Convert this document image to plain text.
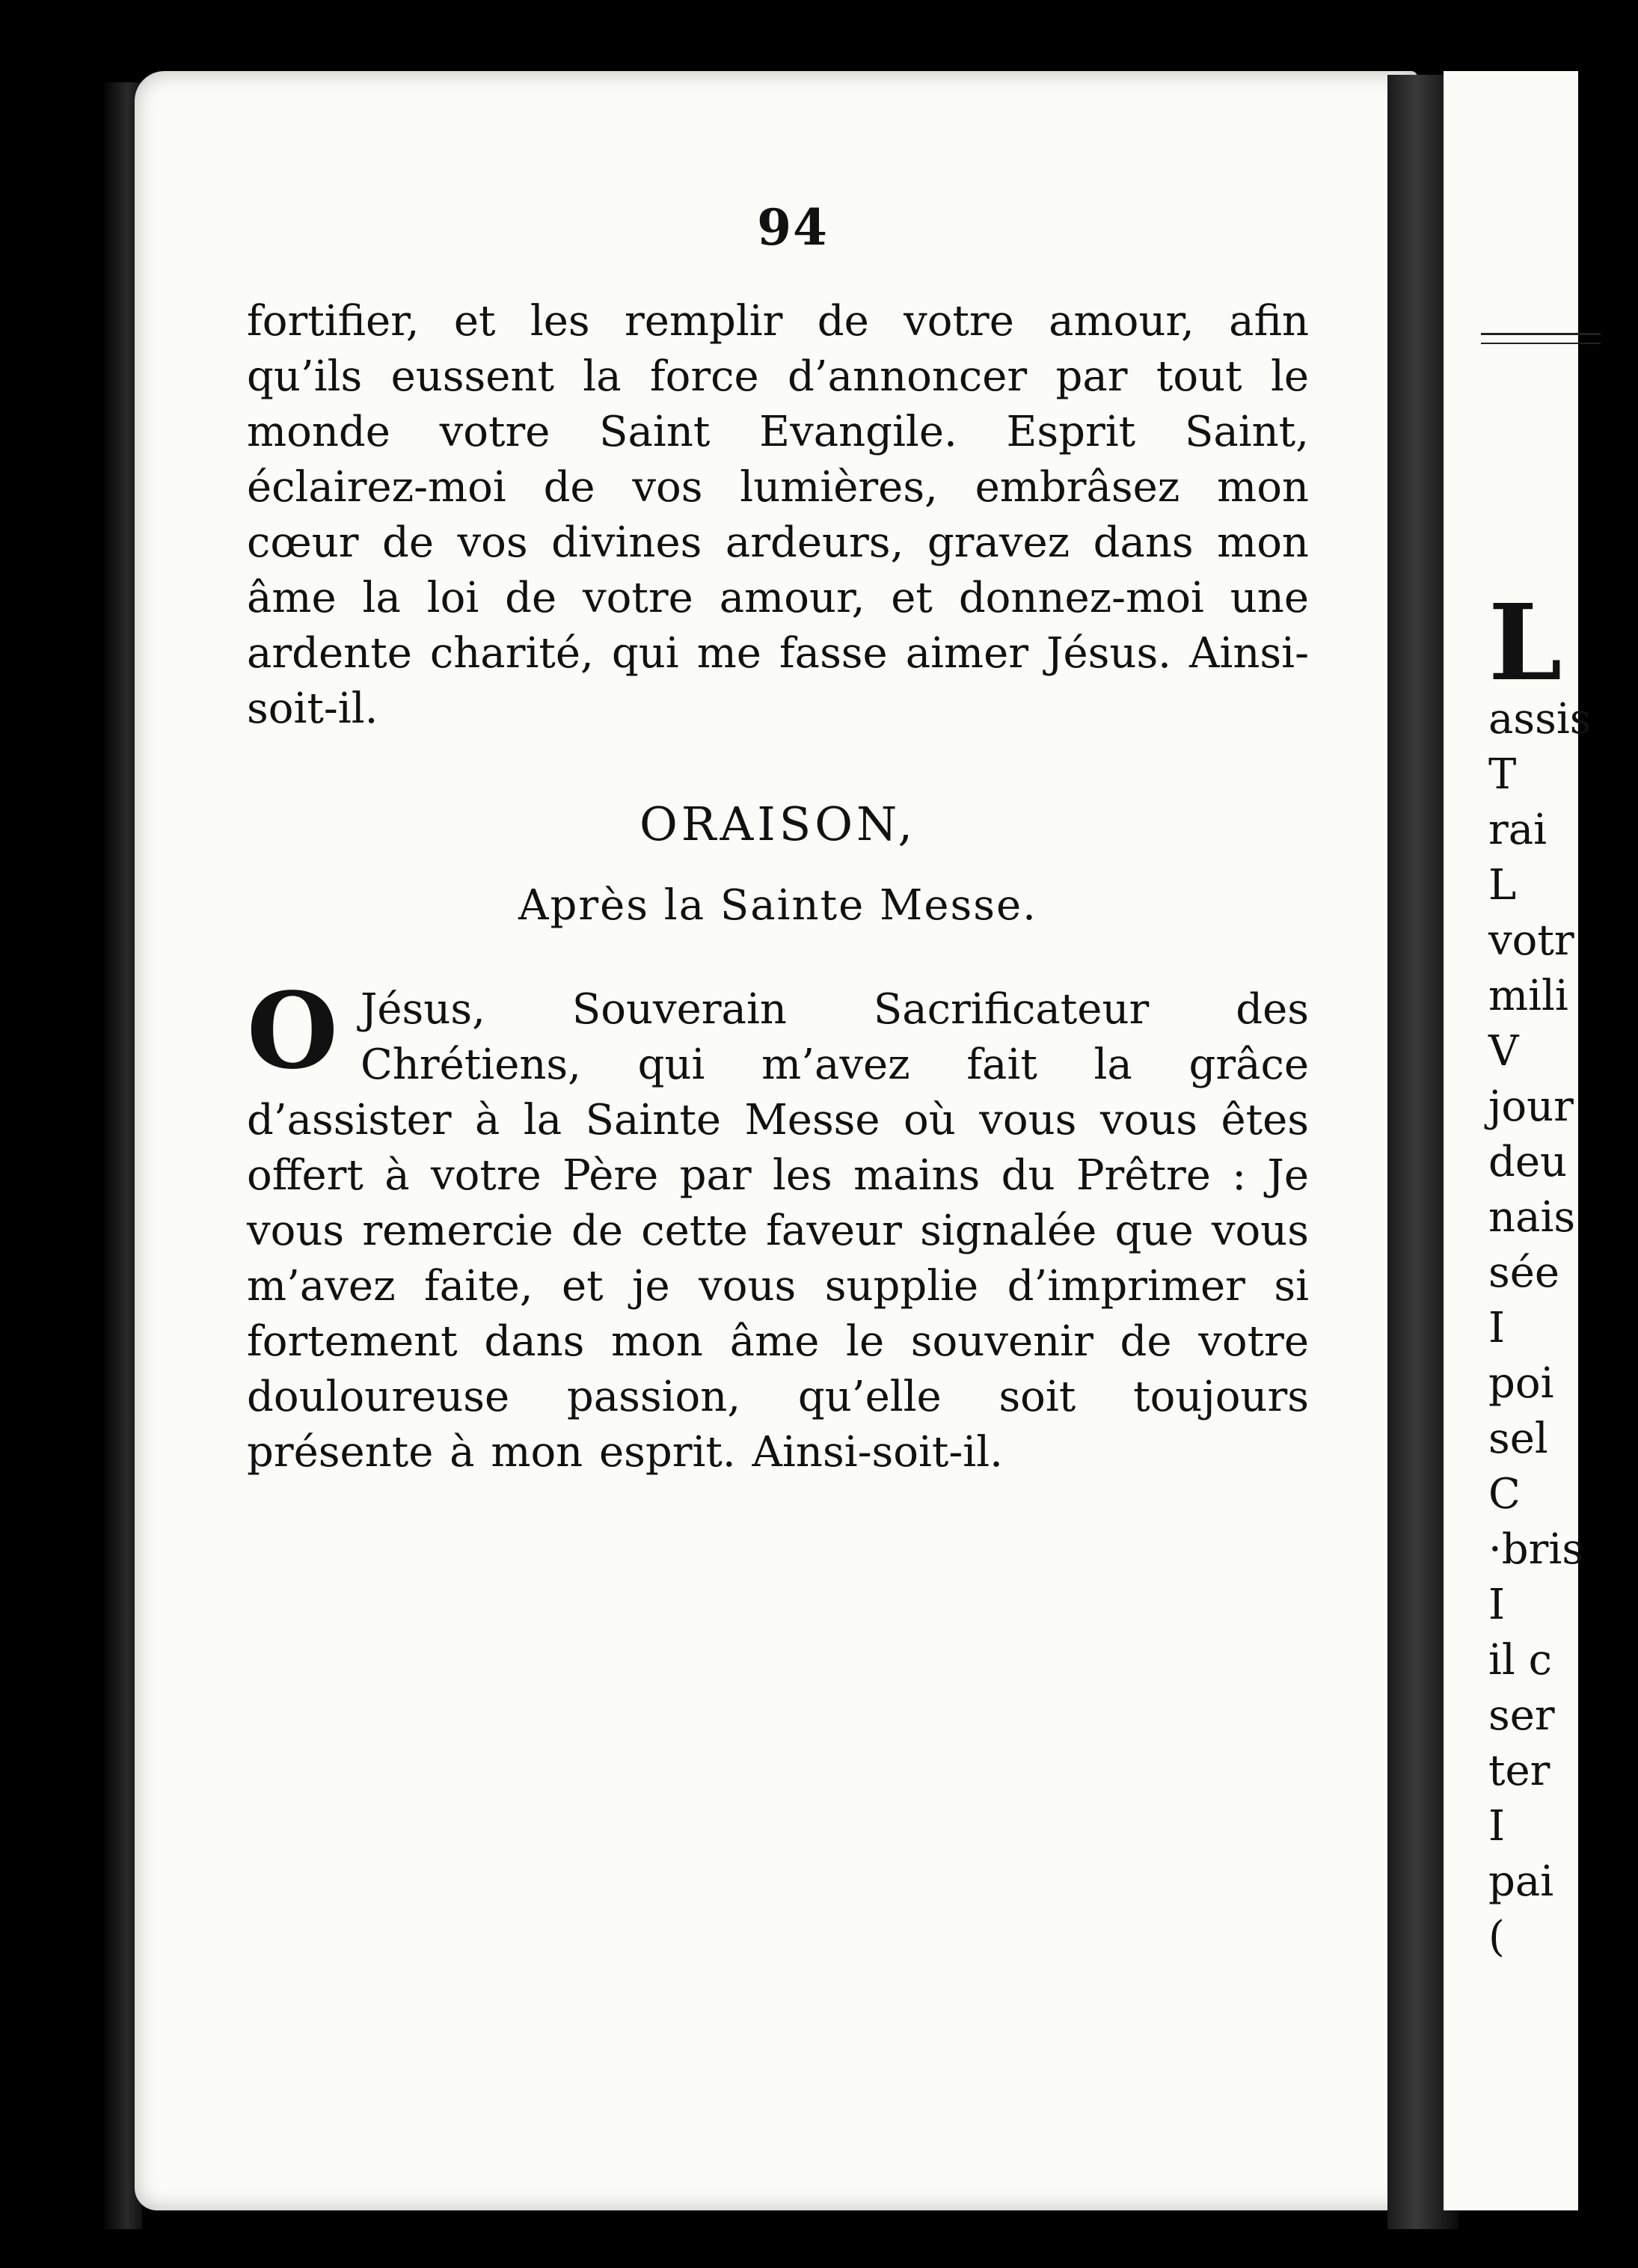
94

fortifier, et les remplir de votre amour, afin qu’ils eussent la force d’annoncer par tout le monde votre Saint Evangile. Esprit Saint, éclairez-moi de vos lumières, embrâsez mon cœur de vos divines ardeurs, gravez dans mon âme la loi de votre amour, et donnez-moi une ardente charité, qui me fasse aimer Jésus. Ainsi-soit-il.

ORAISON,
Après la Sainte Messe.

O Jésus, Souverain Sacrificateur des Chrétiens, qui m’avez fait la grâce d’assister à la Sainte Messe où vous vous êtes offert à votre Père par les mains du Prêtre : Je vous remercie de cette faveur signalée que vous m’avez faite, et je vous supplie d’imprimer si fortement dans mon âme le souvenir de votre douloureuse passion, qu’elle soit toujours présente à mon esprit. Ainsi-soit-il.

L
assis
T
rai
L
votr
mili
V
jour
deu
nais
sée
I
poi
sel
C
·bris
I
il c
ser
ter
I
pai
(
